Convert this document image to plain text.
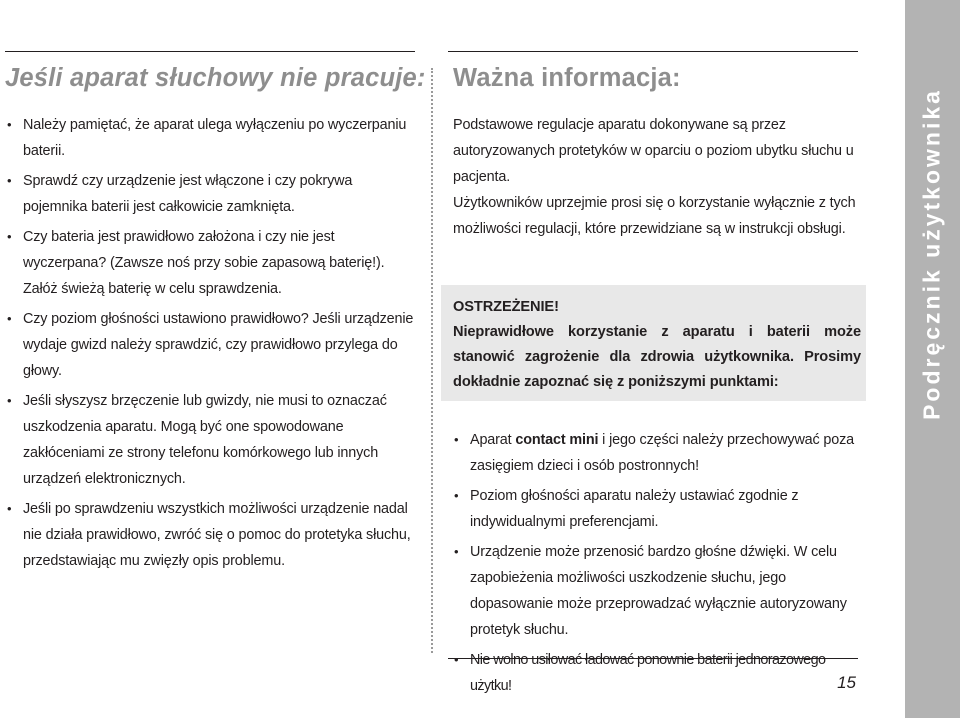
Jeśli aparat słuchowy nie pracuje:
• Należy pamiętać, że aparat ulega wyłączeniu po wyczerpaniu baterii.
• Sprawdź czy urządzenie jest włączone i czy pokrywa pojemnika baterii jest całkowicie zamknięta.
• Czy bateria jest prawidłowo założona i czy nie jest wyczerpana? (Zawsze noś przy sobie zapasową baterię!). Załóż świeżą baterię w celu sprawdzenia.
• Czy poziom głośności ustawiono prawidłowo? Jeśli urządzenie wydaje gwizd należy sprawdzić, czy prawidłowo przylega do głowy.
• Jeśli słyszysz brzęczenie lub gwizdy, nie musi to oznaczać uszkodzenia aparatu. Mogą być one spowodowane zakłóceniami ze strony telefonu komórkowego lub innych urządzeń elektronicznych.
• Jeśli po sprawdzeniu wszystkich możliwości urządzenie nadal nie działa prawidłowo, zwróć się o pomoc do protetyka słuchu, przedstawiając mu zwięzły opis problemu.
Ważna informacja:

Podstawowe regulacje aparatu dokonywane są przez autoryzowanych protetyków w oparciu o poziom ubytku słuchu u pacjenta.

Użytkowników uprzejmie prosi się o korzystanie wyłącznie z tych możliwości regulacji, które przewidziane są w instrukcji obsługi.

OSTRZEŻENIE!
Nieprawidłowe korzystanie z aparatu i baterii może stanowić zagrożenie dla zdrowia użytkownika. Prosimy dokładnie zapoznać się z poniższymi punktami:
• Aparat contact mini i jego części należy przechowywać poza zasięgiem dzieci i osób postronnych!
• Poziom głośności aparatu należy ustawiać zgodnie z indywidualnymi preferencjami.
• Urządzenie może przenosić bardzo głośne dźwięki. W celu zapobieżenia możliwości uszkodzenie słuchu, jego dopasowanie może przeprowadzać wyłącznie autoryzowany protetyk słuchu.
• Nie wolno usiłować ładować ponownie baterii jednorazowego użytku!
Podręcznik użytkownika

15
